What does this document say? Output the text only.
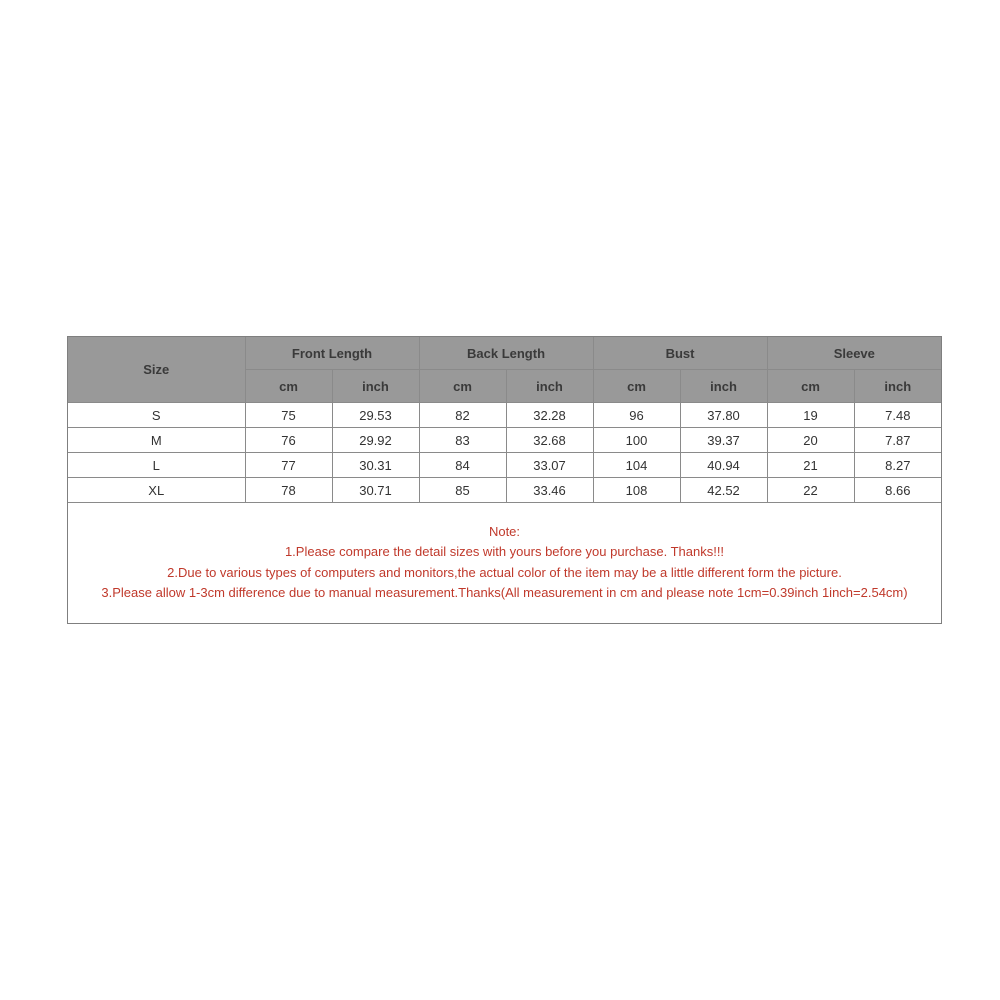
Size	Front Length		Back Length		Bust		Sleeve	
	cm	inch	cm	inch	cm	inch	cm	inch
S	75	29.53	82	32.28	96	37.80	19	7.48
M	76	29.92	83	32.68	100	39.37	20	7.87
L	77	30.31	84	33.07	104	40.94	21	8.27
XL	78	30.71	85	33.46	108	42.52	22	8.66
Note:
1.Please compare the detail sizes with yours before you purchase. Thanks!!!
2.Due to various types of computers and monitors,the actual color of the item may be a little different form the picture.
3.Please allow 1-3cm difference due to manual measurement.Thanks(All measurement in cm and please note 1cm=0.39inch 1inch=2.54cm)
